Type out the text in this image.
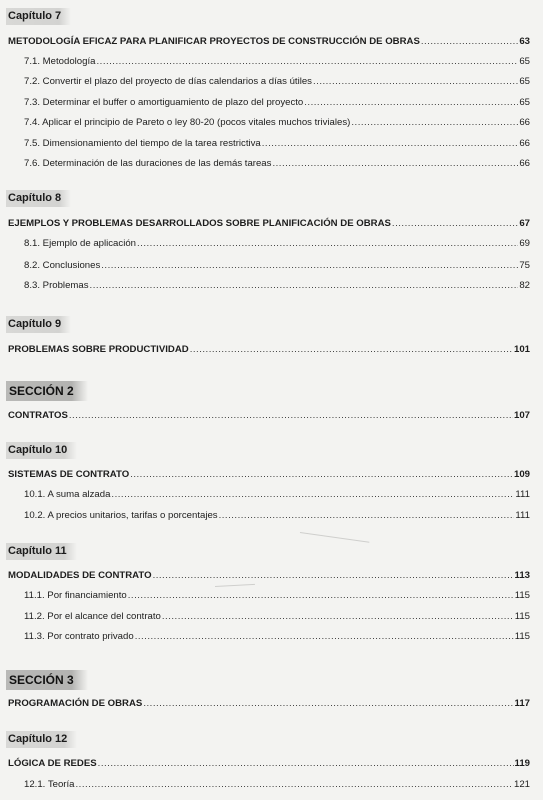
Capítulo 7
METODOLOGÍA EFICAZ PARA PLANIFICAR PROYECTOS DE CONSTRUCCIÓN DE OBRAS .....	63
7.1. Metodología .....	65
7.2. Convertir el plazo del proyecto de días calendarios a días útiles .....	65
7.3. Determinar el buffer o amortiguamiento de plazo del proyecto .....	65
7.4. Aplicar el principio de Pareto o ley 80-20 (pocos vitales muchos triviales) .....	66
7.5. Dimensionamiento del tiempo de la tarea restrictiva .....	66
7.6. Determinación de las duraciones de las demás tareas .....	66
Capítulo 8
EJEMPLOS Y PROBLEMAS DESARROLLADOS SOBRE PLANIFICACIÓN DE OBRAS .....	67
8.1. Ejemplo de aplicación .....	69
8.2. Conclusiones .....	75
8.3. Problemas .....	82
Capítulo 9
PROBLEMAS SOBRE PRODUCTIVIDAD .....	101
SECCIÓN 2
CONTRATOS .....	107
Capítulo 10
SISTEMAS DE CONTRATO .....	109
10.1. A suma alzada .....	111
10.2. A precios unitarios, tarifas o porcentajes .....	111
Capítulo 11
MODALIDADES DE CONTRATO .....	113
11.1. Por financiamiento .....	115
11.2. Por el alcance del contrato .....	115
11.3. Por contrato privado .....	115
SECCIÓN 3
PROGRAMACIÓN DE OBRAS .....	117
Capítulo 12
LÓGICA DE REDES .....	119
12.1. Teoría .....	121
